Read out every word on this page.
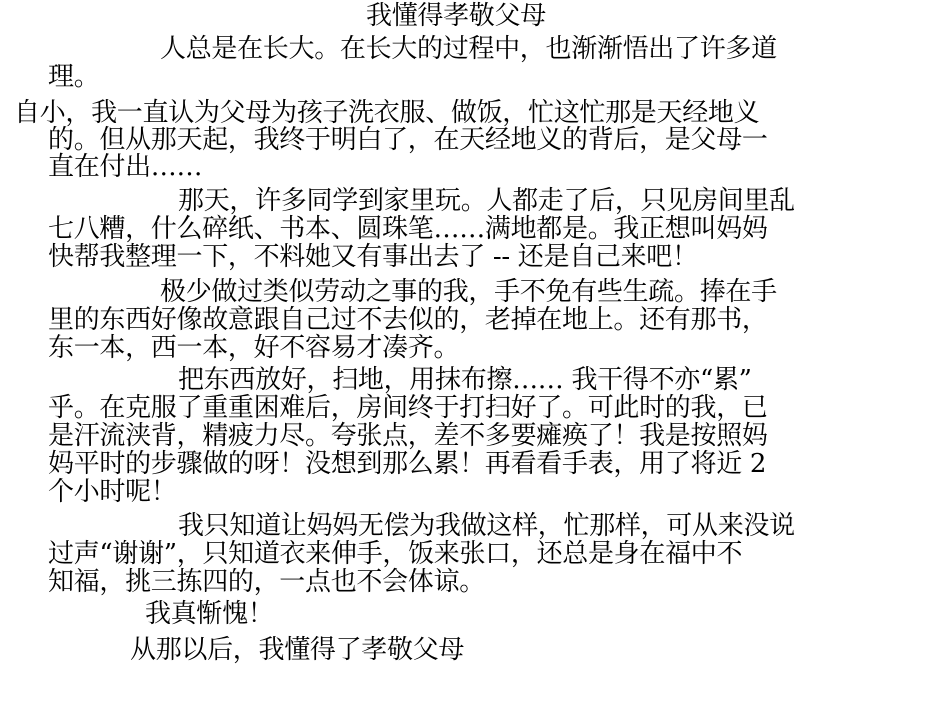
我懂得孝敬父母
人总是在长大。在长大的过程中，也渐渐悟出了许多道
理。
自小，我一直认为父母为孩子洗衣服、做饭，忙这忙那是天经地义
的。但从那天起，我终于明白了，在天经地义的背后，是父母一
直在付出……
那天，许多同学到家里玩。人都走了后，只见房间里乱
七八糟，什么碎纸、书本、圆珠笔……满地都是。我正想叫妈妈
快帮我整理一下，不料她又有事出去了 -- 还是自己来吧！
极少做过类似劳动之事的我，手不免有些生疏。捧在手
里的东西好像故意跟自己过不去似的，老掉在地上。还有那书，
东一本，西一本，好不容易才凑齐。
把东西放好，扫地，用抹布擦…… 我干得不亦“累”
乎。在克服了重重困难后，房间终于打扫好了。可此时的我，已
是汗流浃背，精疲力尽。夸张点，差不多要瘫痪了！我是按照妈
妈平时的步骤做的呀！没想到那么累！再看看手表，用了将近 2
个小时呢！
我只知道让妈妈无偿为我做这样，忙那样，可从来没说
过声“谢谢”，只知道衣来伸手，饭来张口，还总是身在福中不
知福，挑三拣四的，一点也不会体谅。
我真惭愧！
从那以后，我懂得了孝敬父母
